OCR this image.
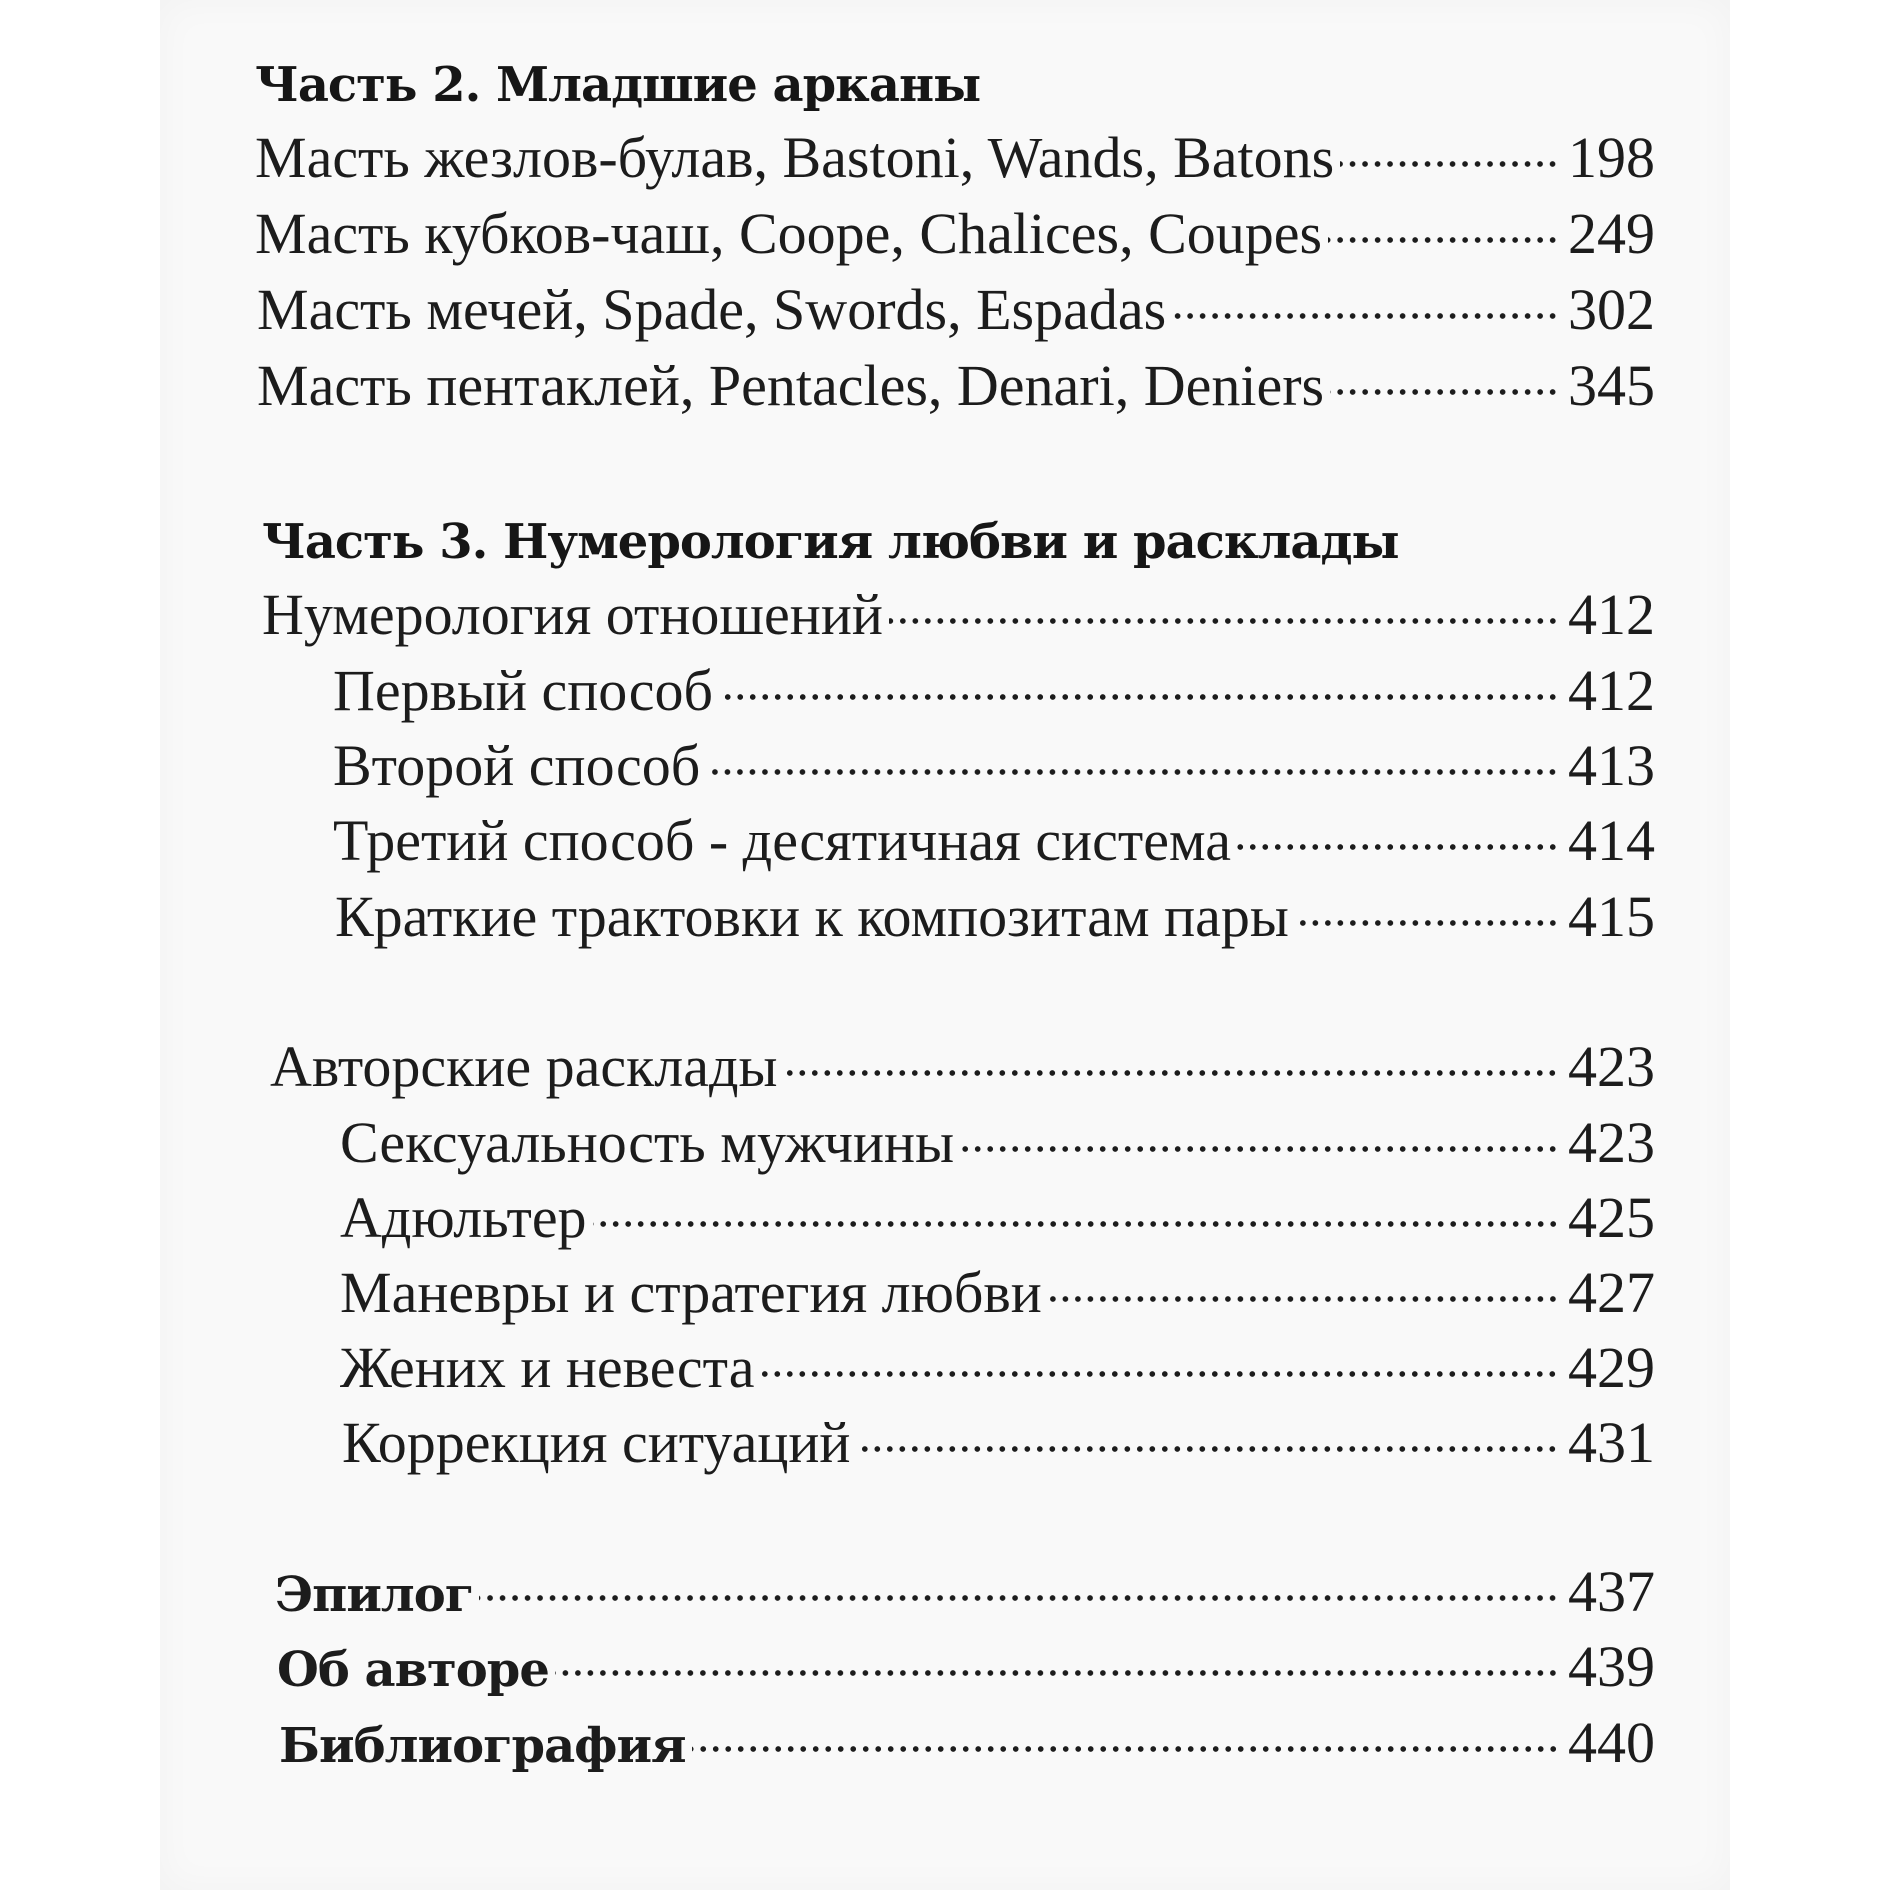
Часть 2. Младшие арканы
Масть жезлов-булав, Bastoni, Wands, Batons	198
Масть кубков-чаш, Coope, Chalices, Coupes	249
Масть мечей, Spade, Swords, Espadas	302
Масть пентаклей, Pentacles, Denari, Deniers	345
Часть 3. Нумерология любви и расклады
Нумерология отношений	412
Первый способ	412
Второй способ	413
Третий способ - десятичная система	414
Краткие трактовки к композитам пары	415
Авторские расклады	423
Сексуальность мужчины	423
Адюльтер	425
Маневры и стратегия любви	427
Жених и невеста	429
Коррекция ситуаций	431
Эпилог	437
Об авторе	439
Библиография	440
